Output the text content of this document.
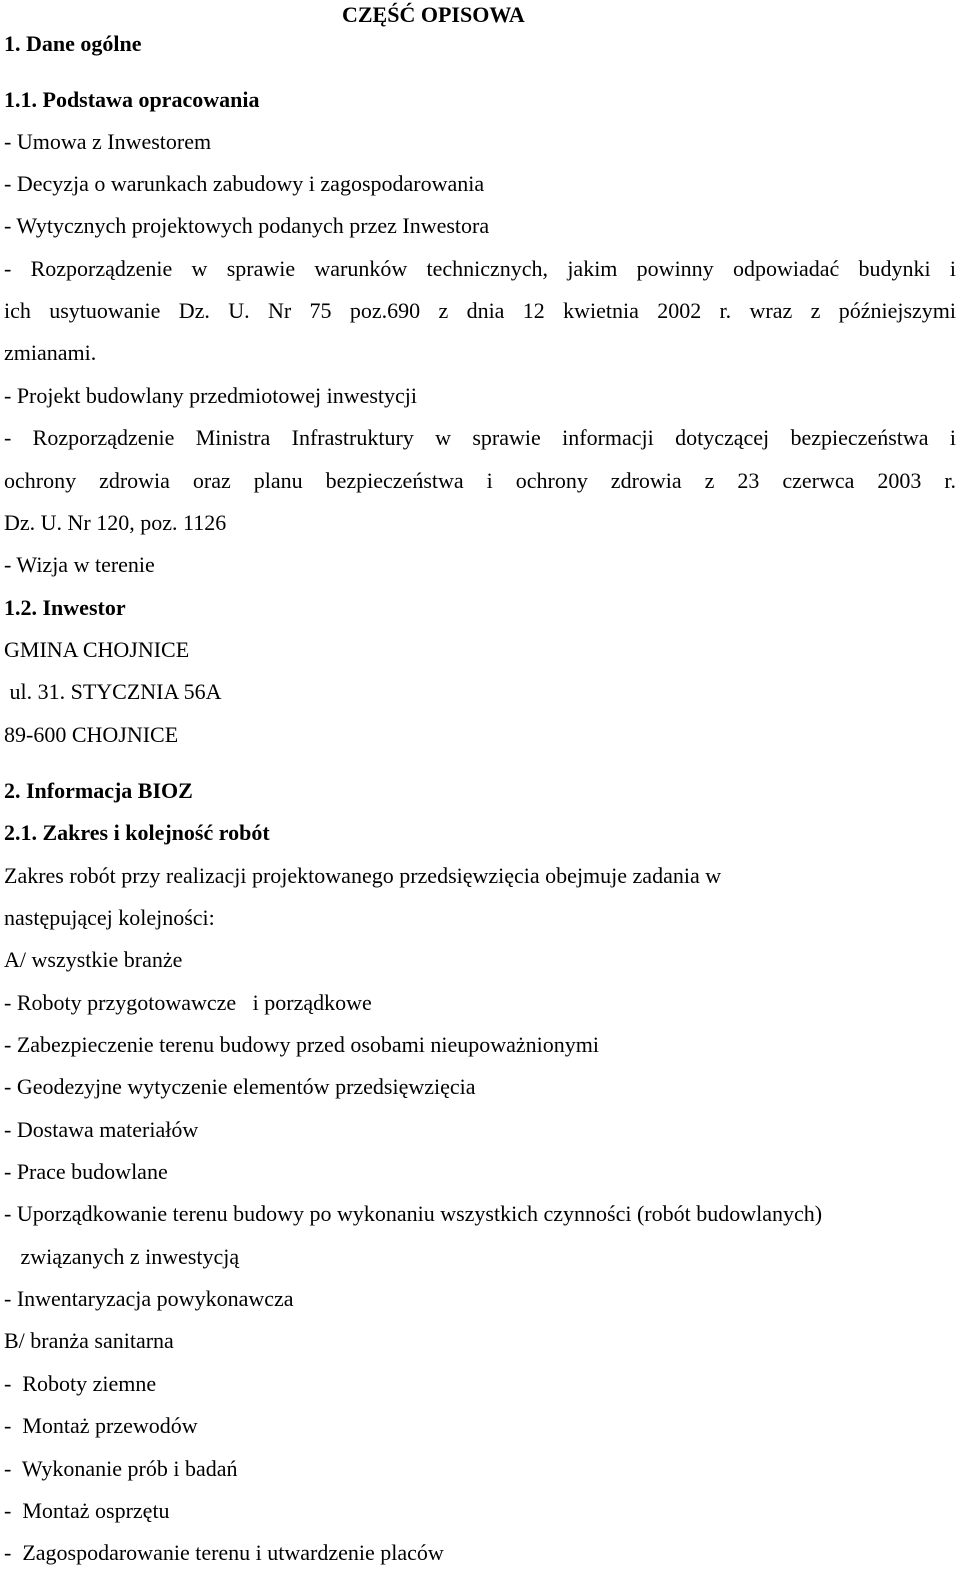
CZĘŚĆ OPISOWA
1. Dane ogólne
1.1. Podstawa opracowania
- Umowa z Inwestorem
- Decyzja o warunkach zabudowy i zagospodarowania
- Wytycznych projektowych podanych przez Inwestora
- Rozporządzenie w sprawie warunków technicznych, jakim powinny odpowiadać budynki i
ich usytuowanie Dz. U. Nr 75 poz.690 z dnia 12 kwietnia 2002 r. wraz z późniejszymi
zmianami.
- Projekt budowlany przedmiotowej inwestycji
- Rozporządzenie Ministra Infrastruktury w sprawie informacji dotyczącej bezpieczeństwa i
ochrony zdrowia oraz planu bezpieczeństwa i ochrony zdrowia z 23 czerwca 2003 r.
Dz. U. Nr 120, poz. 1126
- Wizja w terenie
1.2. Inwestor
GMINA CHOJNICE
ul. 31. STYCZNIA 56A
89-600 CHOJNICE
2. Informacja BIOZ
2.1. Zakres i kolejność robót
Zakres robót przy realizacji projektowanego przedsięwzięcia obejmuje zadania w
następującej kolejności:
A/ wszystkie branże
- Roboty przygotowawcze   i porządkowe
- Zabezpieczenie terenu budowy przed osobami nieupoważnionymi
- Geodezyjne wytyczenie elementów przedsięwzięcia
- Dostawa materiałów
- Prace budowlane
- Uporządkowanie terenu budowy po wykonaniu wszystkich czynności (robót budowlanych)
związanych z inwestycją
- Inwentaryzacja powykonawcza
B/ branża sanitarna
-  Roboty ziemne
-  Montaż przewodów
-  Wykonanie prób i badań
-  Montaż osprzętu
-  Zagospodarowanie terenu i utwardzenie placów
